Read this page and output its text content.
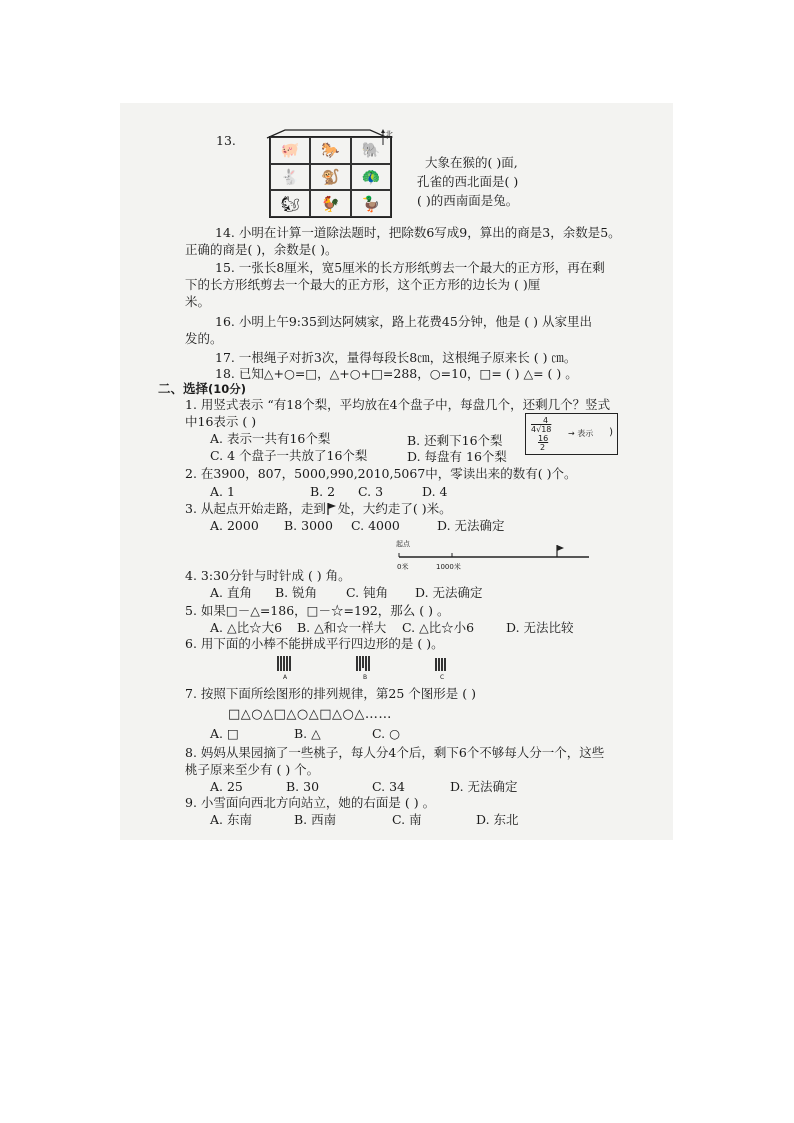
13.	北
🐖	🐎	🐘
🐇	🐒	🦚
🐿	🐓	🦆

大象在猴的( )面,

孔雀的西北面是( )

( )的西南面是兔。

14. 小明在计算一道除法题时，把除数6写成9，算出的商是3，余数是5。

正确的商是( )，余数是( )。

15. 一张长8厘米，宽5厘米的长方形纸剪去一个最大的正方形，再在剩

下的长方形纸剪去一个最大的正方形，这个正方形的边长为 ( )厘

米。

16. 小明上午9:35到达阿姨家，路上花费45分钟，他是 ( ) 从家里出

发的。

17. 一根绳子对折3次，量得每段长8㎝，这根绳子原来长 ( ) ㎝。

18. 已知△+○=□，△+○+□=288，○=10，□= ( ) △= ( ) 。

二、选择(10分)

1. 用竖式表示 “有18个梨，平均放在4个盘子中，每盘几个，还剩几个？竖式

中16表示 ( )

A. 表示一共有16个梨	B. 还剩下16个梨

C. 4 个盘子一共放了16个梨	D. 每盘有 16个梨

4
4√18
16
2
→ 表示 )

2. 在3900，807，5000,990,2010,5067中，零读出来的数有( )个。

A. 1	B. 2 C. 3	D. 4

3. 从起点开始走路，走到 处，大约走了( )米。

A. 2000 B. 3000 C. 4000	D. 无法确定

起点
0米	1000米

4. 3:30分针与时针成 ( ) 角。

A. 直角 B. 锐角 C. 钝角 D. 无法确定

5. 如果□－△=186，□－☆=192，那么 ( ) 。

A. △比☆大6 B. △和☆一样大 C. △比☆小6	D. 无法比较

6. 用下面的小棒不能拼成平行四边形的是 ( )。

A	B	C

7. 按照下面所绘图形的排列规律，第25 个图形是 ( )

□△○△□△○△□△○△……

A. □	B. △	C. ○

8. 妈妈从果园摘了一些桃子，每人分4个后，剩下6个不够每人分一个，这些

桃子原来至少有 ( ) 个。

A. 25	B. 30	C. 34	D. 无法确定

9. 小雪面向西北方向站立，她的右面是 ( ) 。

A. 东南	B. 西南	C. 南	D. 东北
